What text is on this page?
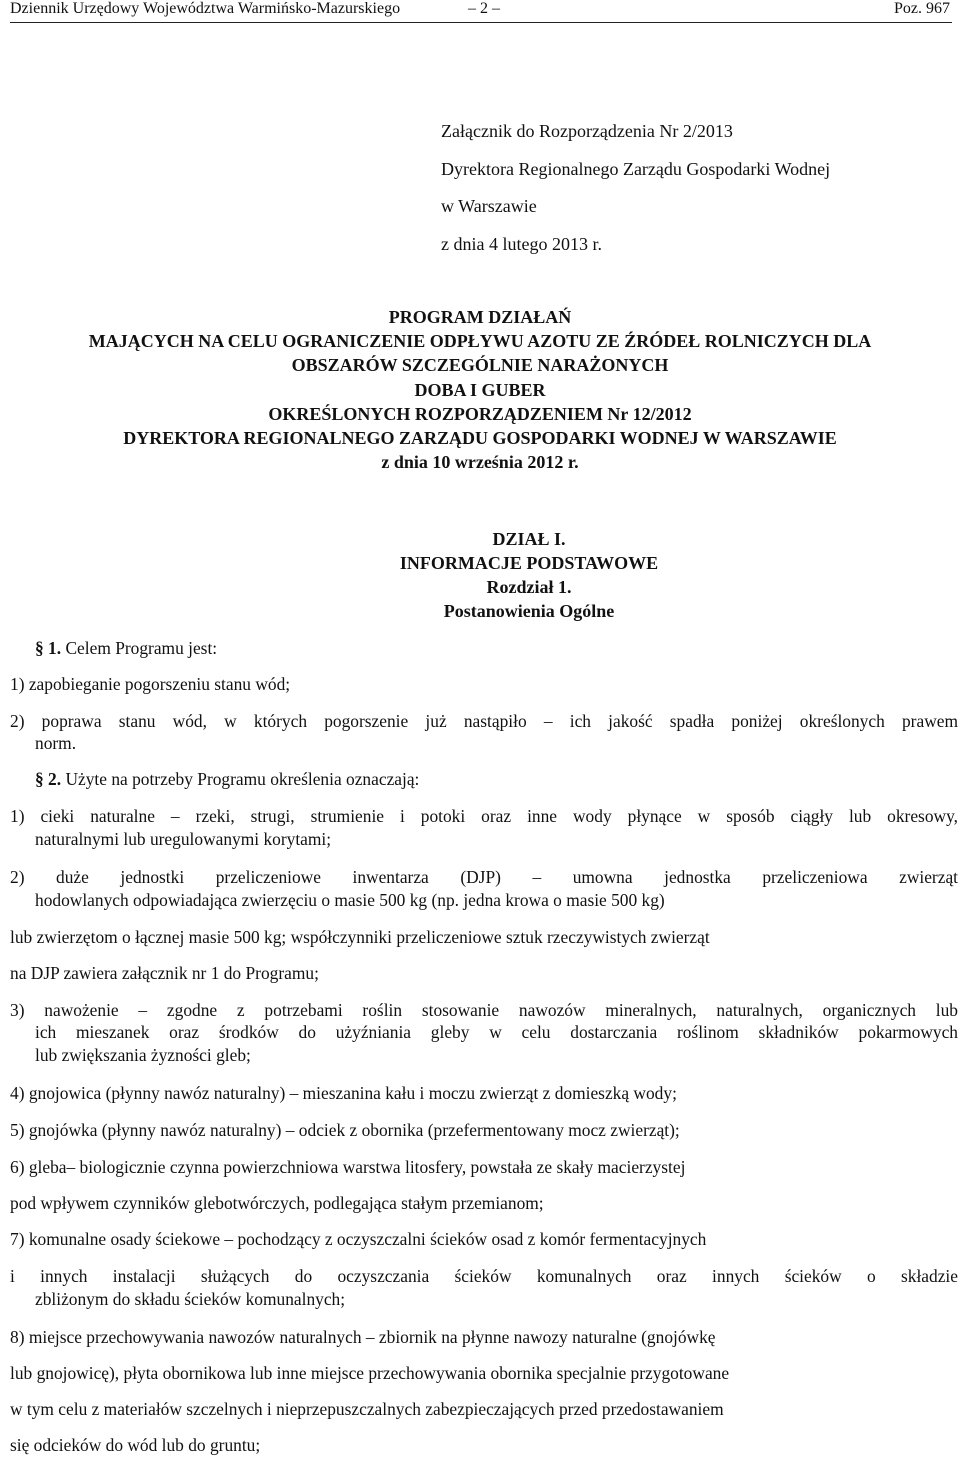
Dziennik Urzędowy Województwa Warmińsko-Mazurskiego	– 2 –	Poz. 967
Załącznik do Rozporządzenia Nr 2/2013
Dyrektora Regionalnego Zarządu Gospodarki Wodnej
w Warszawie
z dnia 4 lutego 2013 r.
PROGRAM DZIAŁAŃ
MAJĄCYCH NA CELU OGRANICZENIE ODPŁYWU AZOTU ZE ŹRÓDEŁ ROLNICZYCH DLA
OBSZARÓW SZCZEGÓLNIE NARAŻONYCH
DOBA I GUBER
OKREŚLONYCH ROZPORZĄDZENIEM Nr 12/2012
DYREKTORA REGIONALNEGO ZARZĄDU GOSPODARKI WODNEJ W WARSZAWIE
z dnia 10 września 2012 r.
DZIAŁ I.
INFORMACJE PODSTAWOWE
Rozdział 1.
Postanowienia Ogólne

§ 1. Celem Programu jest:

1) zapobieganie pogorszeniu stanu wód;
2) poprawa stanu wód, w których pogorszenie już nastąpiło – ich jakość spadła poniżej określonych prawem
norm.

§ 2. Użyte na potrzeby Programu określenia oznaczają:

1) cieki naturalne – rzeki, strugi, strumienie i potoki oraz inne wody płynące w sposób ciągły lub okresowy,
naturalnymi lub uregulowanymi korytami;
2) duże jednostki przeliczeniowe inwentarza (DJP) – umowna jednostka przeliczeniowa zwierząt
hodowlanych odpowiadająca zwierzęciu o masie 500 kg (np. jedna krowa o masie 500 kg)
lub zwierzętom o łącznej masie 500 kg; współczynniki przeliczeniowe sztuk rzeczywistych zwierząt
na DJP zawiera załącznik nr 1 do Programu;
3) nawożenie – zgodne z potrzebami roślin stosowanie nawozów mineralnych, naturalnych, organicznych lub
ich mieszanek oraz środków do użyźniania gleby w celu dostarczania roślinom składników pokarmowych
lub zwiększania żyzności gleb;
4) gnojowica (płynny nawóz naturalny) – mieszanina kału i moczu zwierząt z domieszką wody;
5) gnojówka (płynny nawóz naturalny) – odciek z obornika (przefermentowany mocz zwierząt);
6) gleba– biologicznie czynna powierzchniowa warstwa litosfery, powstała ze skały macierzystej
pod wpływem czynników glebotwórczych, podlegająca stałym przemianom;
7) komunalne osady ściekowe – pochodzący z oczyszczalni ścieków osad z komór fermentacyjnych
i innych instalacji służących do oczyszczania ścieków komunalnych oraz innych ścieków o składzie
zbliżonym do składu ścieków komunalnych;
8) miejsce przechowywania nawozów naturalnych – zbiornik na płynne nawozy naturalne (gnojówkę
lub gnojowicę), płyta obornikowa lub inne miejsce przechowywania obornika specjalnie przygotowane
w tym celu z materiałów szczelnych i nieprzepuszczalnych zabezpieczających przed przedostawaniem
się odcieków do wód lub do gruntu;
